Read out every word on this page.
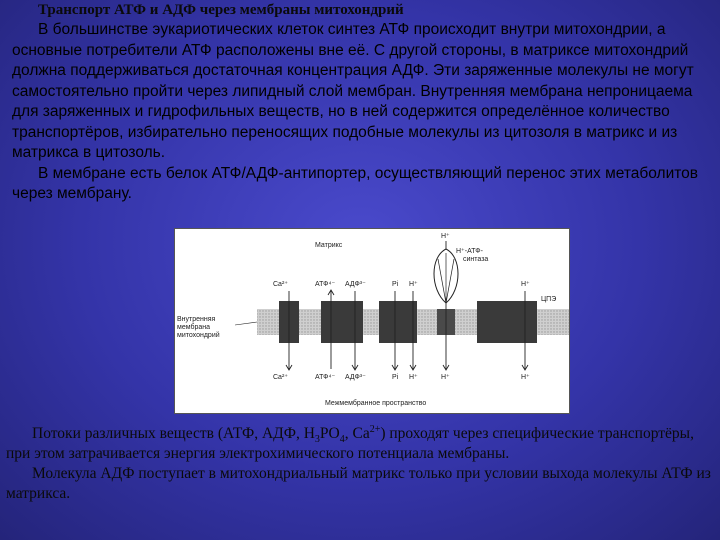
Транспорт АТФ и АДФ через мембраны митохондрий

В большинстве эукариотических клеток синтез АТФ происходит внутри митохондрии, а основные потребители АТФ расположены вне её. С другой стороны, в матриксе митохондрий должна поддерживаться достаточная концентрация АДФ. Эти заряженные молекулы не могут самостоятельно пройти через липидный слой мембран. Внутренняя мембрана непроницаема для заряженных и гидрофильных веществ, но в ней содержится определённое количество транспортёров, избирательно переносящих подобные молекулы из цитозоля в матрикс и из матрикса в цитозоль.

В мембране есть белок АТФ/АДФ-антипортер, осуществляющий перенос этих метаболитов через мембрану.

Матрикс
Внутренняя
мембрана
митохондрий
Ca²⁺	АТФ⁴⁻ АДФ³⁻	Pi H⁺
H⁺
H⁺-АТФ-
синтаза
H⁺
ЦПЭ
Ca²⁺	АТФ⁴⁻ АДФ³⁻	Pi H⁺	H⁺	H⁺
Межмембранное пространство

Потоки различных веществ (АТФ, АДФ, $H_3PO_4$, $Ca^{2+}$) проходят через специфические транспортёры, при этом затрачивается энергия электрохимического потенциала мембраны.

Молекула АДФ поступает в митохондриальный матрикс только при условии выхода молекулы АТФ из матрикса.
